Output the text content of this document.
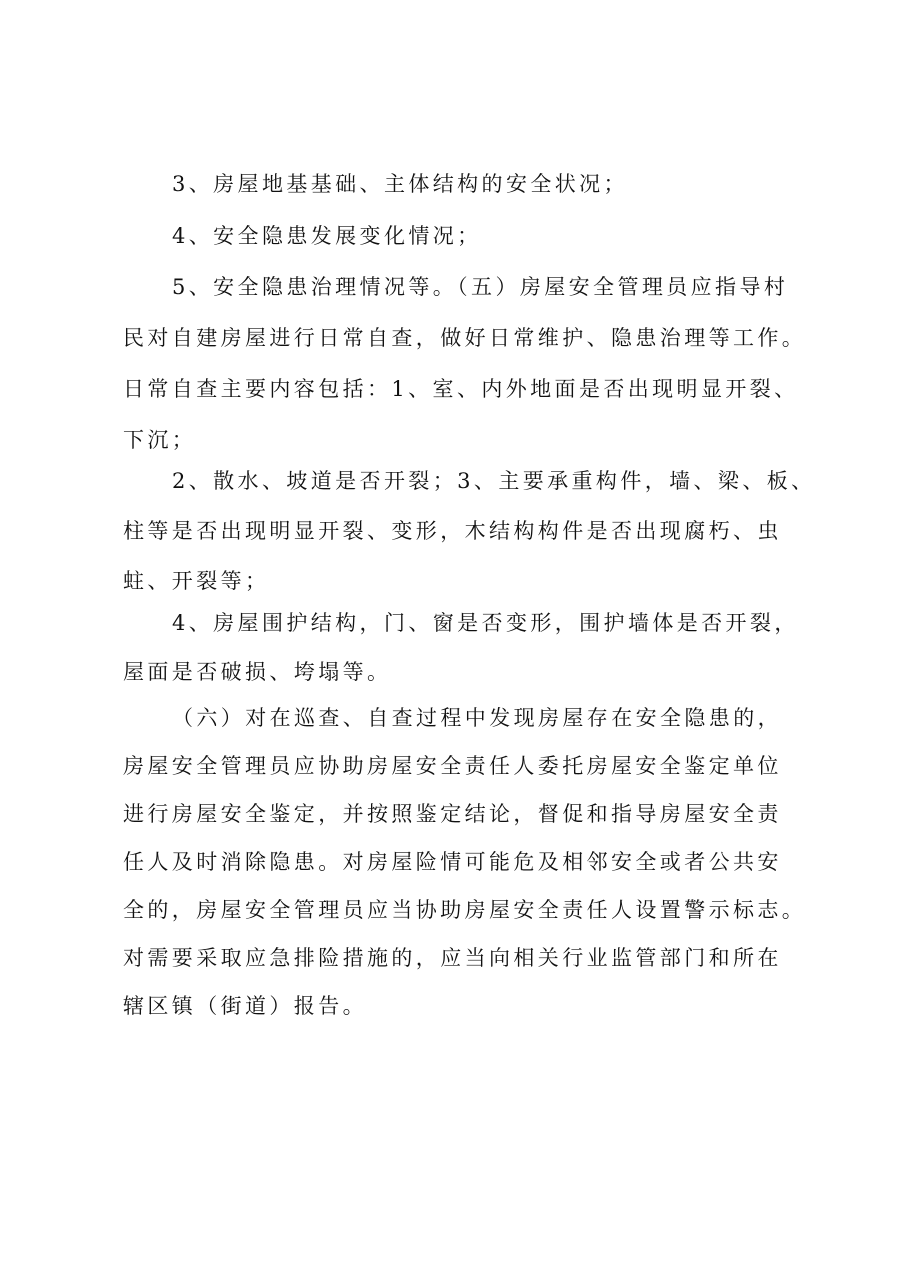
3、房屋地基基础、主体结构的安全状况；
4、安全隐患发展变化情况；
5、安全隐患治理情况等。（五）房屋安全管理员应指导村
民对自建房屋进行日常自查，做好日常维护、隐患治理等工作。
日常自查主要内容包括：1、室、内外地面是否出现明显开裂、
下沉；
2、散水、坡道是否开裂；3、主要承重构件，墙、梁、板、
柱等是否出现明显开裂、变形，木结构构件是否出现腐朽、虫
蛀、开裂等；
4、房屋围护结构，门、窗是否变形，围护墙体是否开裂，
屋面是否破损、垮塌等。
（六）对在巡查、自查过程中发现房屋存在安全隐患的，
房屋安全管理员应协助房屋安全责任人委托房屋安全鉴定单位
进行房屋安全鉴定，并按照鉴定结论，督促和指导房屋安全责
任人及时消除隐患。对房屋险情可能危及相邻安全或者公共安
全的，房屋安全管理员应当协助房屋安全责任人设置警示标志。
对需要采取应急排险措施的，应当向相关行业监管部门和所在
辖区镇（街道）报告。
